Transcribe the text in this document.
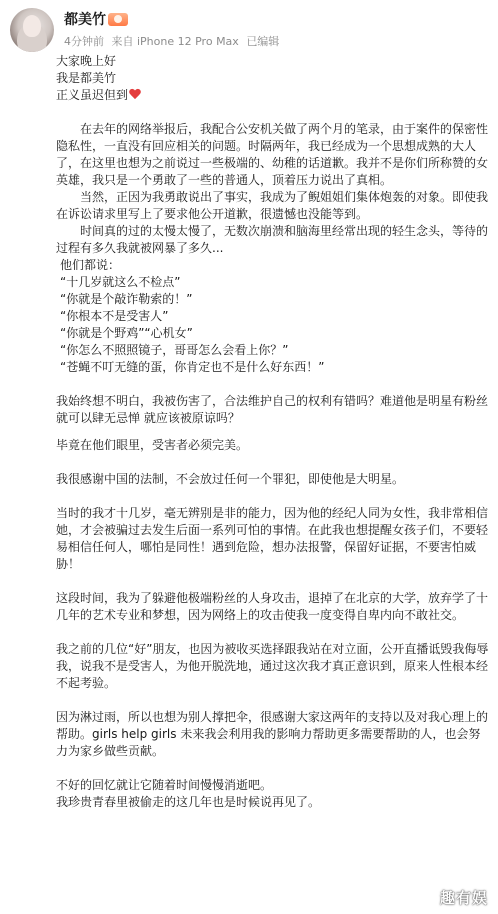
都美竹
4分钟前 来自 iPhone 12 Pro Max 已编辑

大家晚上好

我是都美竹

正义虽迟但到

在去年的网络举报后，我配合公安机关做了两个月的笔录，由于案件的保密性隐私性，一直没有回应相关的问题。时隔两年，我已经成为一个思想成熟的大人了，在这里也想为之前说过一些极端的、幼稚的话道歉。我并不是你们所称赞的女英雄，我只是一个勇敢了一些的普通人，顶着压力说出了真相。

当然，正因为我勇敢说出了事实，我成为了鲵姐姐们集体炮轰的对象。即使我在诉讼请求里写上了要求他公开道歉，很遗憾也没能等到。

时间真的过的太慢太慢了，无数次崩溃和脑海里经常出现的轻生念头，等待的过程有多久我就被网暴了多久...

他们都说：

“十几岁就这么不检点”

“你就是个敲诈勒索的！”

“你根本不是受害人”

“你就是个野鸡”“心机女”

“你怎么不照照镜子，哥哥怎么会看上你？”

“苍蝇不叮无缝的蛋，你肯定也不是什么好东西！”

我始终想不明白，我被伤害了，合法维护自己的权利有错吗？难道他是明星有粉丝就可以肆无忌惮 就应该被原谅吗？

毕竟在他们眼里，受害者必须完美。

我很感谢中国的法制，不会放过任何一个罪犯，即使他是大明星。

当时的我才十几岁，毫无辨别是非的能力，因为他的经纪人同为女性，我非常相信她，才会被骗过去发生后面一系列可怕的事情。在此我也想提醒女孩子们，不要轻易相信任何人，哪怕是同性！遇到危险，想办法报警，保留好证据，不要害怕威胁！

这段时间，我为了躲避他极端粉丝的人身攻击，退掉了在北京的大学，放弃学了十几年的艺术专业和梦想，因为网络上的攻击使我一度变得自卑内向不敢社交。

我之前的几位“好”朋友，也因为被收买选择跟我站在对立面，公开直播诋毁我侮辱我，说我不是受害人，为他开脱洗地，通过这次我才真正意识到，原来人性根本经不起考验。

因为淋过雨，所以也想为别人撑把伞，很感谢大家这两年的支持以及对我心理上的帮助。girls help girls 未来我会利用我的影响力帮助更多需要帮助的人，也会努力为家乡做些贡献。

不好的回忆就让它随着时间慢慢消逝吧。

我珍贵青春里被偷走的这几年也是时候说再见了。

趣有娱
